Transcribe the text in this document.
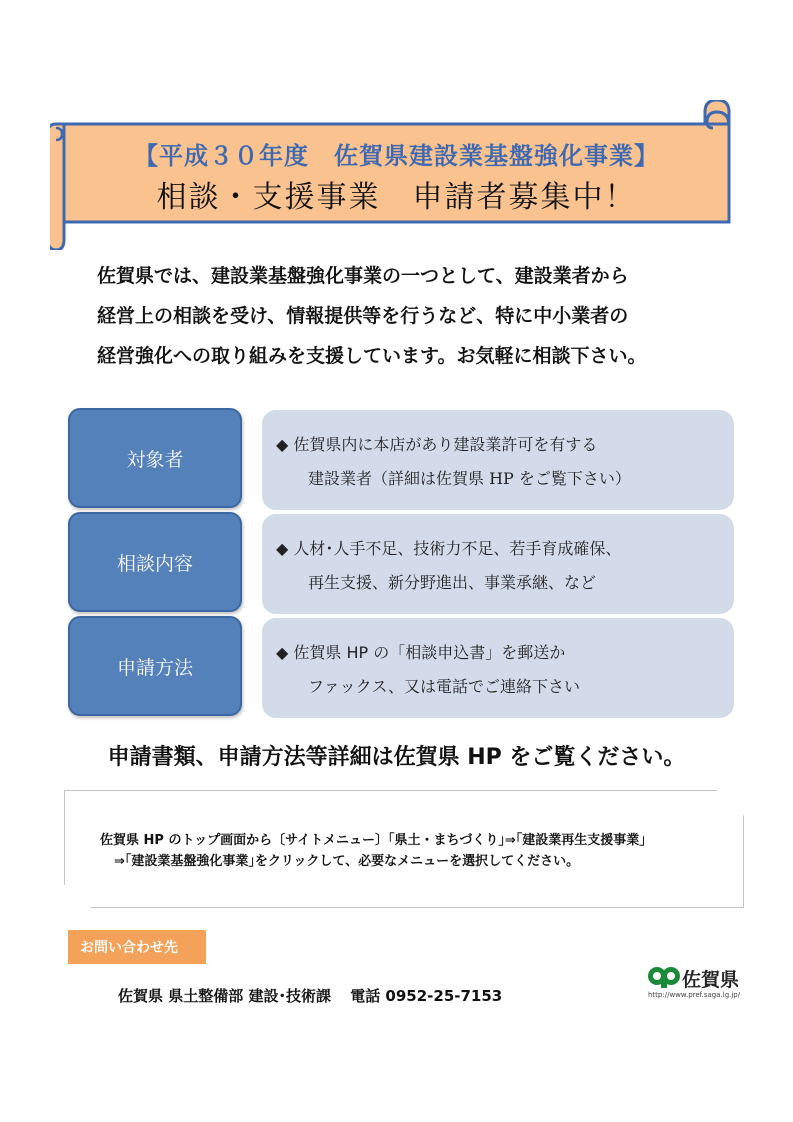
【平成３０年度　佐賀県建設業基盤強化事業】
相談・支援事業　申請者募集中！
佐賀県では、建設業基盤強化事業の一つとして、建設業者から
経営上の相談を受け、情報提供等を行うなど、特に中小業者の
経営強化への取り組みを支援しています。お気軽に相談下さい。
対象者
◆ 佐賀県内に本店があり建設業許可を有する
建設業者（詳細は佐賀県 HP をご覧下さい）
相談内容
◆ 人材･人手不足、技術力不足、若手育成確保、
再生支援、新分野進出、事業承継、など
申請方法
◆ 佐賀県 HP の「相談申込書」を郵送か
ファックス、又は電話でご連絡下さい
申請書類、申請方法等詳細は佐賀県 HP をご覧ください。
佐賀県 HP のトップ画面から〔サイトメニュー〕｢県土・まちづくり｣⇒｢建設業再生支援事業｣
⇒｢建設業基盤強化事業｣をクリックして、必要なメニューを選択してください。
お問い合わせ先
佐賀県 県土整備部 建設･技術課 電話 0952-25-7153
佐賀県
http://www.pref.saga.lg.jp/
